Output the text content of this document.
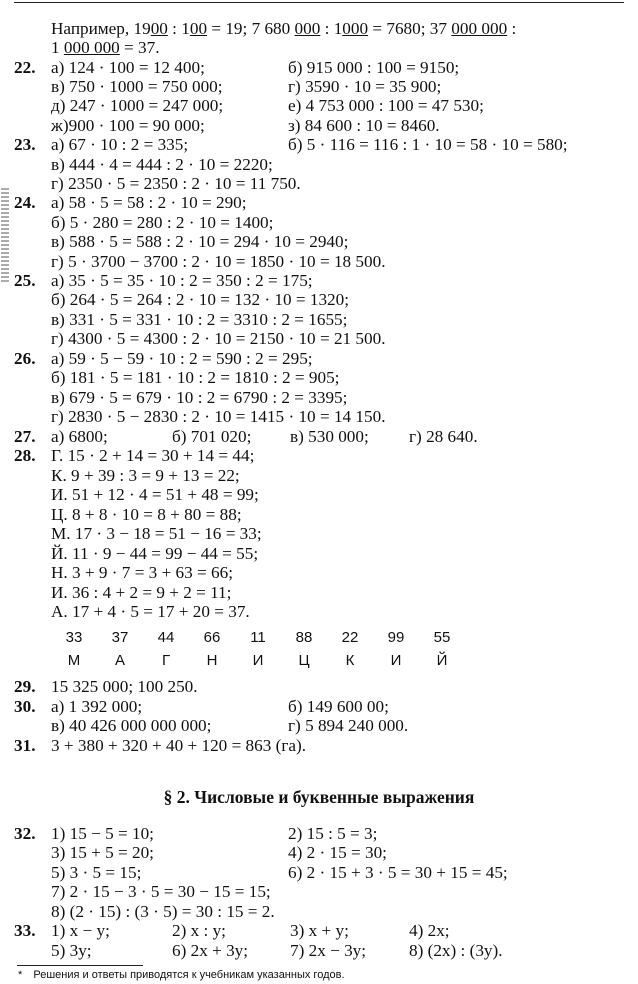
Например, 1900 : 100 = 19; 7 680 000 : 1000 = 7680; 37 000 000 :
1 000 000 = 37.
22. а) 124 · 100 = 12 400;	б) 915 000 : 100 = 9150;
в) 750 · 1000 = 750 000;	г) 3590 · 10 = 35 900;
д) 247 · 1000 = 247 000;	е) 4 753 000 : 100 = 47 530;
ж)900 · 100 = 90 000;	з) 84 600 : 10 = 8460.
23. а) 67 · 10 : 2 = 335;	б) 5 · 116 = 116 : 1 · 10 = 58 · 10 = 580;
в) 444 · 4 = 444 : 2 · 10 = 2220;
г) 2350 · 5 = 2350 : 2 · 10 = 11 750.
24. а) 58 · 5 = 58 : 2 · 10 = 290;
б) 5 · 280 = 280 : 2 · 10 = 1400;
в) 588 · 5 = 588 : 2 · 10 = 294 · 10 = 2940;
г) 5 · 3700 − 3700 : 2 · 10 = 1850 · 10 = 18 500.
25. а) 35 · 5 = 35 · 10 : 2 = 350 : 2 = 175;
б) 264 · 5 = 264 : 2 · 10 = 132 · 10 = 1320;
в) 331 · 5 = 331 · 10 : 2 = 3310 : 2 = 1655;
г) 4300 · 5 = 4300 : 2 · 10 = 2150 · 10 = 21 500.
26. а) 59 · 5 − 59 · 10 : 2 = 590 : 2 = 295;
б) 181 · 5 = 181 · 10 : 2 = 1810 : 2 = 905;
в) 679 · 5 = 679 · 10 : 2 = 6790 : 2 = 3395;
г) 2830 · 5 − 2830 : 2 · 10 = 1415 · 10 = 14 150.
27. а) 6800;	б) 701 020; в) 530 000; г) 28 640.
28. Г. 15 · 2 + 14 = 30 + 14 = 44;
К. 9 + 39 : 3 = 9 + 13 = 22;
И. 51 + 12 · 4 = 51 + 48 = 99;
Ц. 8 + 8 · 10 = 8 + 80 = 88;
М. 17 · 3 − 18 = 51 − 16 = 33;
Й. 11 · 9 − 44 = 99 − 44 = 55;
Н. 3 + 9 · 7 = 3 + 63 = 66;
И. 36 : 4 + 2 = 9 + 2 = 11;
А. 17 + 4 · 5 = 17 + 20 = 37.
33	37	44	66	11	88	22	99	55
М	А	Г	Н	И	Ц	К	И	Й
29. 15 325 000; 100 250.
30. а) 1 392 000;	б) 149 600 00;
в) 40 426 000 000 000;	г) 5 894 240 000.
31. 3 + 380 + 320 + 40 + 120 = 863 (га).
§ 2. Числовые и буквенные выражения
32. 1) 15 − 5 = 10;	2) 15 : 5 = 3;
3) 15 + 5 = 20;	4) 2 · 15 = 30;
5) 3 · 5 = 15;	6) 2 · 15 + 3 · 5 = 30 + 15 = 45;
7) 2 · 15 − 3 · 5 = 30 − 15 = 15;
8) (2 · 15) : (3 · 5) = 30 : 15 = 2.
33. 1) x − y;	2) x : y;	3) x + y;	4) 2x;
5) 3y;	6) 2x + 3y; 7) 2x − 3y; 8) (2x) : (3y).
* Решения и ответы приводятся к учебникам указанных годов.
